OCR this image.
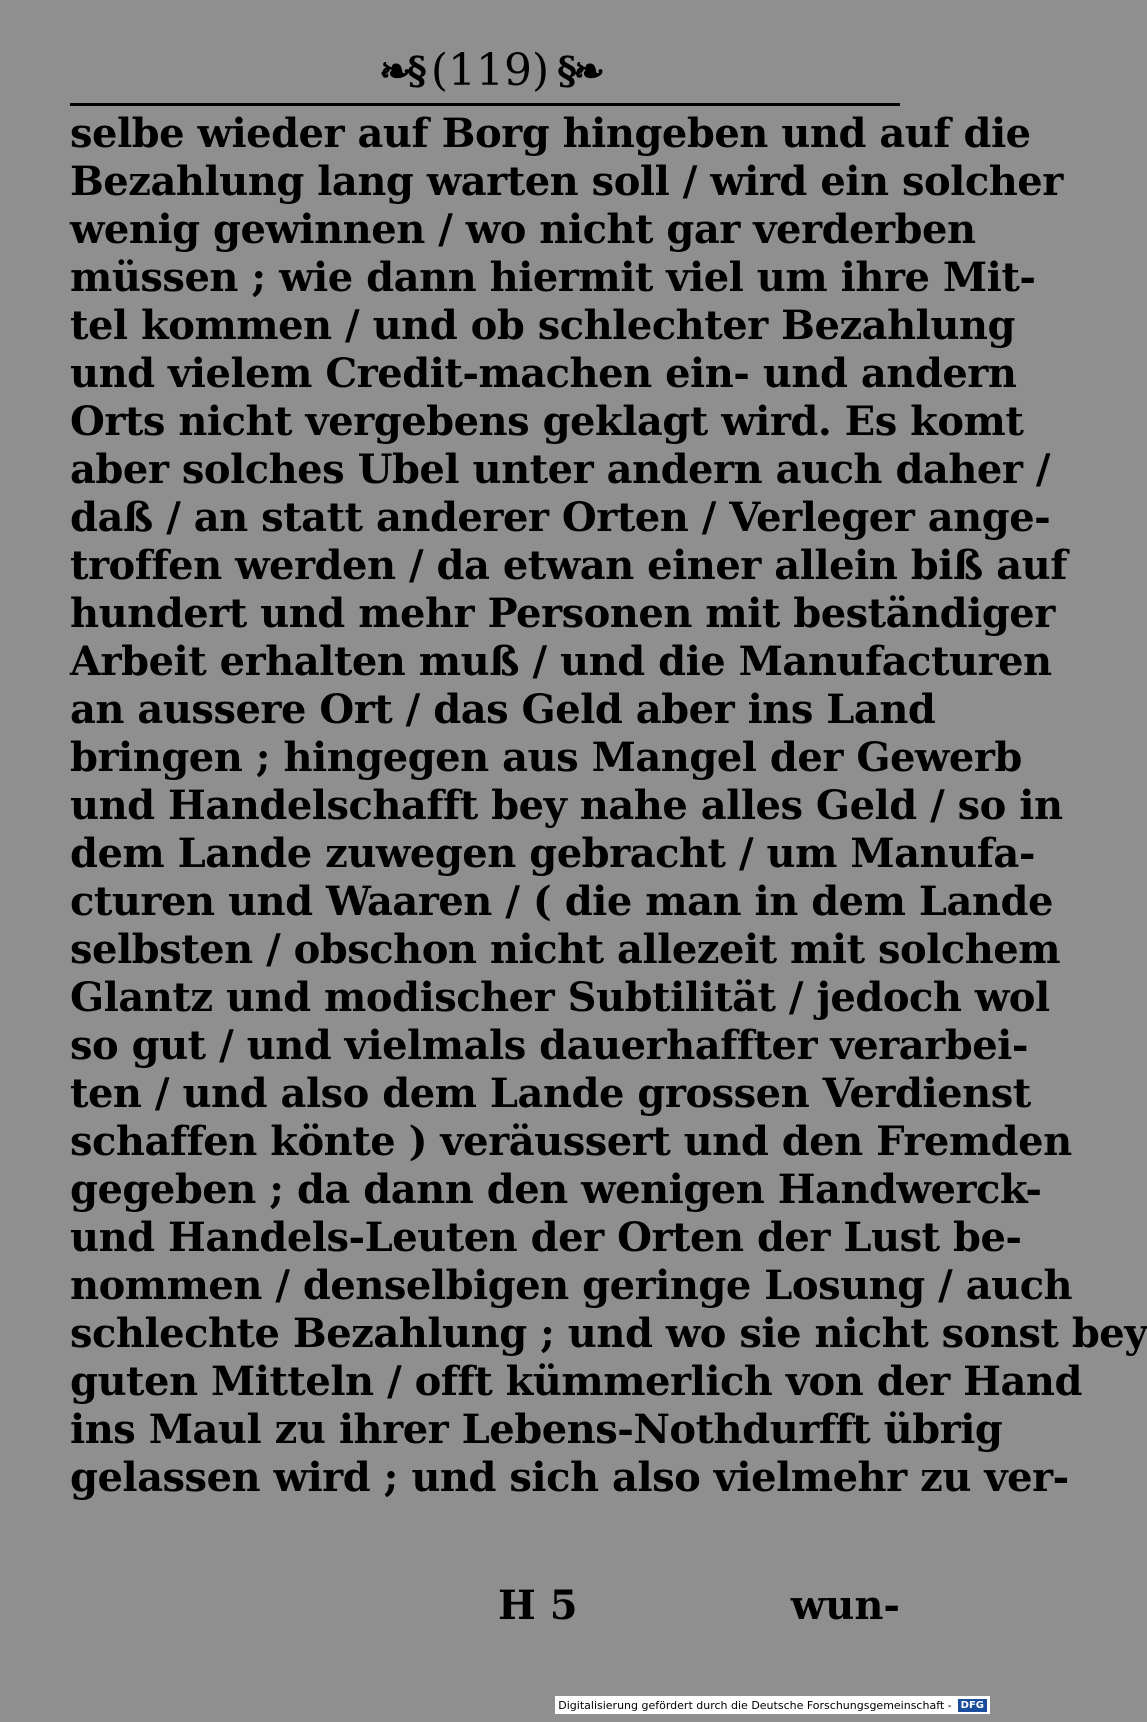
❧§ (119) §❧
selbe wieder auf Borg hingeben und auf die
Bezahlung lang warten soll / wird ein solcher
wenig gewinnen / wo nicht gar verderben
müssen ; wie dann hiermit viel um ihre Mit-
tel kommen / und ob schlechter Bezahlung
und vielem Credit-machen ein- und andern
Orts nicht vergebens geklagt wird. Es komt
aber solches Ubel unter andern auch daher /
daß / an statt anderer Orten / Verleger ange-
troffen werden / da etwan einer allein biß auf
hundert und mehr Personen mit beständiger
Arbeit erhalten muß / und die Manufacturen
an aussere Ort / das Geld aber ins Land
bringen ; hingegen aus Mangel der Gewerb
und Handelschafft bey nahe alles Geld / so in
dem Lande zuwegen gebracht / um Manufa-
cturen und Waaren / ( die man in dem Lande
selbsten / obschon nicht allezeit mit solchem
Glantz und modischer Subtilität / jedoch wol
so gut / und vielmals dauerhaffter verarbei-
ten / und also dem Lande grossen Verdienst
schaffen könte ) veräussert und den Fremden
gegeben ; da dann den wenigen Handwerck-
und Handels-Leuten der Orten der Lust be-
nommen / denselbigen geringe Losung / auch
schlechte Bezahlung ; und wo sie nicht sonst bey
guten Mitteln / offt kümmerlich von der Hand
ins Maul zu ihrer Lebens-Nothdurfft übrig
gelassen wird ; und sich also vielmehr zu ver-
H 5	wun-
Digitalisierung gefördert durch die Deutsche Forschungsgemeinschaft - DFG
